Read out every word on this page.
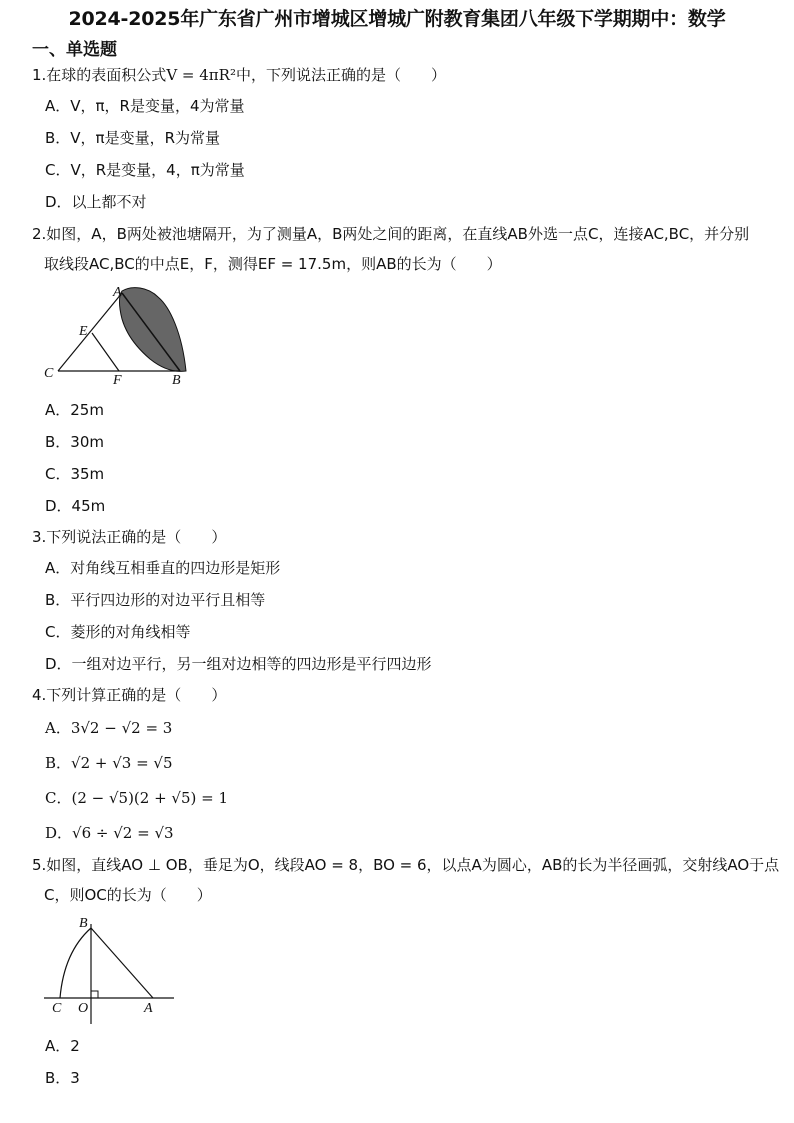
2024-2025年广东省广州市增城区增城广附教育集团八年级下学期期中：数学
一、单选题
1.在球的表面积公式V = 4πR²中，下列说法正确的是（　　）
A．V，π，R是变量，4为常量
B．V，π是变量，R为常量
C．V，R是变量，4，π为常量
D．以上都不对
2.如图，A，B两处被池塘隔开，为了测量A，B两处之间的距离，在直线AB外选一点C，连接AC,BC，并分别
取线段AC,BC的中点E，F，测得EF = 17.5m，则AB的长为（　　）
A
E
C	F	B
A．25m
B．30m
C．35m
D．45m
3.下列说法正确的是（　　）
A．对角线互相垂直的四边形是矩形
B．平行四边形的对边平行且相等
C．菱形的对角线相等
D．一组对边平行，另一组对边相等的四边形是平行四边形
4.下列计算正确的是（　　）
A．3√2 − √2 = 3
B．√2 + √3 = √5
C．(2 − √5)(2 + √5) = 1
D．√6 ÷ √2 = √3
5.如图，直线AO ⊥ OB，垂足为O，线段AO = 8，BO = 6，以点A为圆心，AB的长为半径画弧，交射线AO于点
C，则OC的长为（　　）
B
C O	A
A．2
B．3
